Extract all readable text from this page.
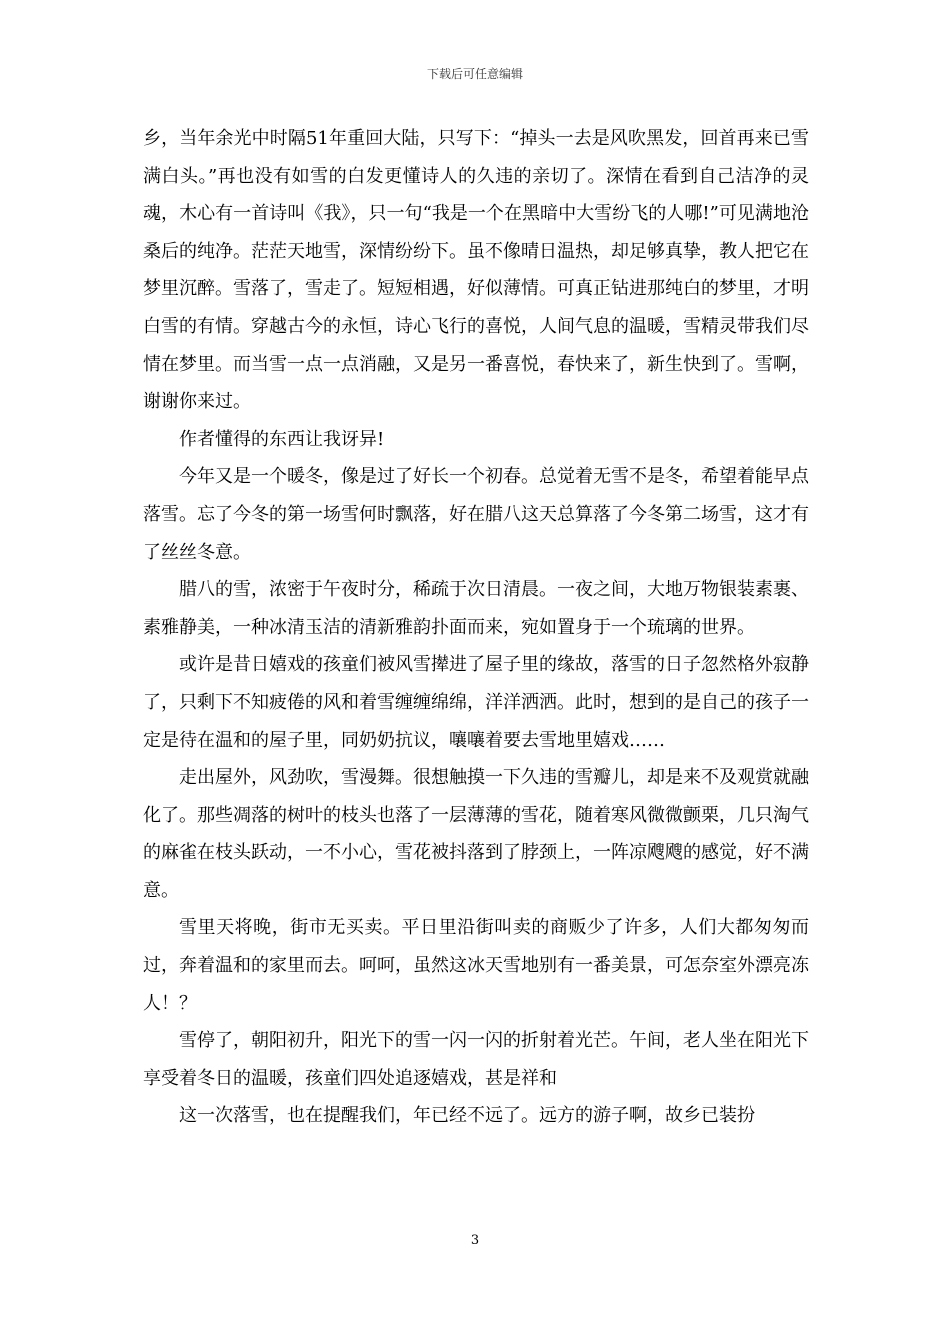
下载后可任意编辑

乡，当年余光中时隔51年重回大陆，只写下：“掉头一去是风吹黑发，回首再来已雪满白头。”再也没有如雪的白发更懂诗人的久违的亲切了。深情在看到自己洁净的灵魂，木心有一首诗叫《我》，只一句“我是一个在黑暗中大雪纷飞的人哪!”可见满地沧桑后的纯净。茫茫天地雪，深情纷纷下。虽不像晴日温热，却足够真挚，教人把它在梦里沉醉。雪落了，雪走了。短短相遇，好似薄情。可真正钻进那纯白的梦里，才明白雪的有情。穿越古今的永恒，诗心飞行的喜悦，人间气息的温暖，雪精灵带我们尽情在梦里。而当雪一点一点消融，又是另一番喜悦，春快来了，新生快到了。雪啊，谢谢你来过。

作者懂得的东西让我讶异!

今年又是一个暖冬，像是过了好长一个初春。总觉着无雪不是冬，希望着能早点落雪。忘了今冬的第一场雪何时飘落，好在腊八这天总算落了今冬第二场雪，这才有了丝丝冬意。

腊八的雪，浓密于午夜时分，稀疏于次日清晨。一夜之间，大地万物银装素裹、素雅静美，一种冰清玉洁的清新雅韵扑面而来，宛如置身于一个琉璃的世界。

或许是昔日嬉戏的孩童们被风雪撵进了屋子里的缘故，落雪的日子忽然格外寂静了，只剩下不知疲倦的风和着雪缠缠绵绵，洋洋洒洒。此时，想到的是自己的孩子一定是待在温和的屋子里，同奶奶抗议，嚷嚷着要去雪地里嬉戏……

走出屋外，风劲吹，雪漫舞。很想触摸一下久违的雪瓣儿，却是来不及观赏就融化了。那些凋落的树叶的枝头也落了一层薄薄的雪花，随着寒风微微颤栗，几只淘气的麻雀在枝头跃动，一不小心，雪花被抖落到了脖颈上，一阵凉飕飕的感觉，好不满意。

雪里天将晚，街市无买卖。平日里沿街叫卖的商贩少了许多，人们大都匆匆而过，奔着温和的家里而去。呵呵，虽然这冰天雪地别有一番美景，可怎奈室外漂亮冻人！？

雪停了，朝阳初升，阳光下的雪一闪一闪的折射着光芒。午间，老人坐在阳光下享受着冬日的温暖，孩童们四处追逐嬉戏，甚是祥和

这一次落雪，也在提醒我们，年已经不远了。远方的游子啊，故乡已装扮

3
